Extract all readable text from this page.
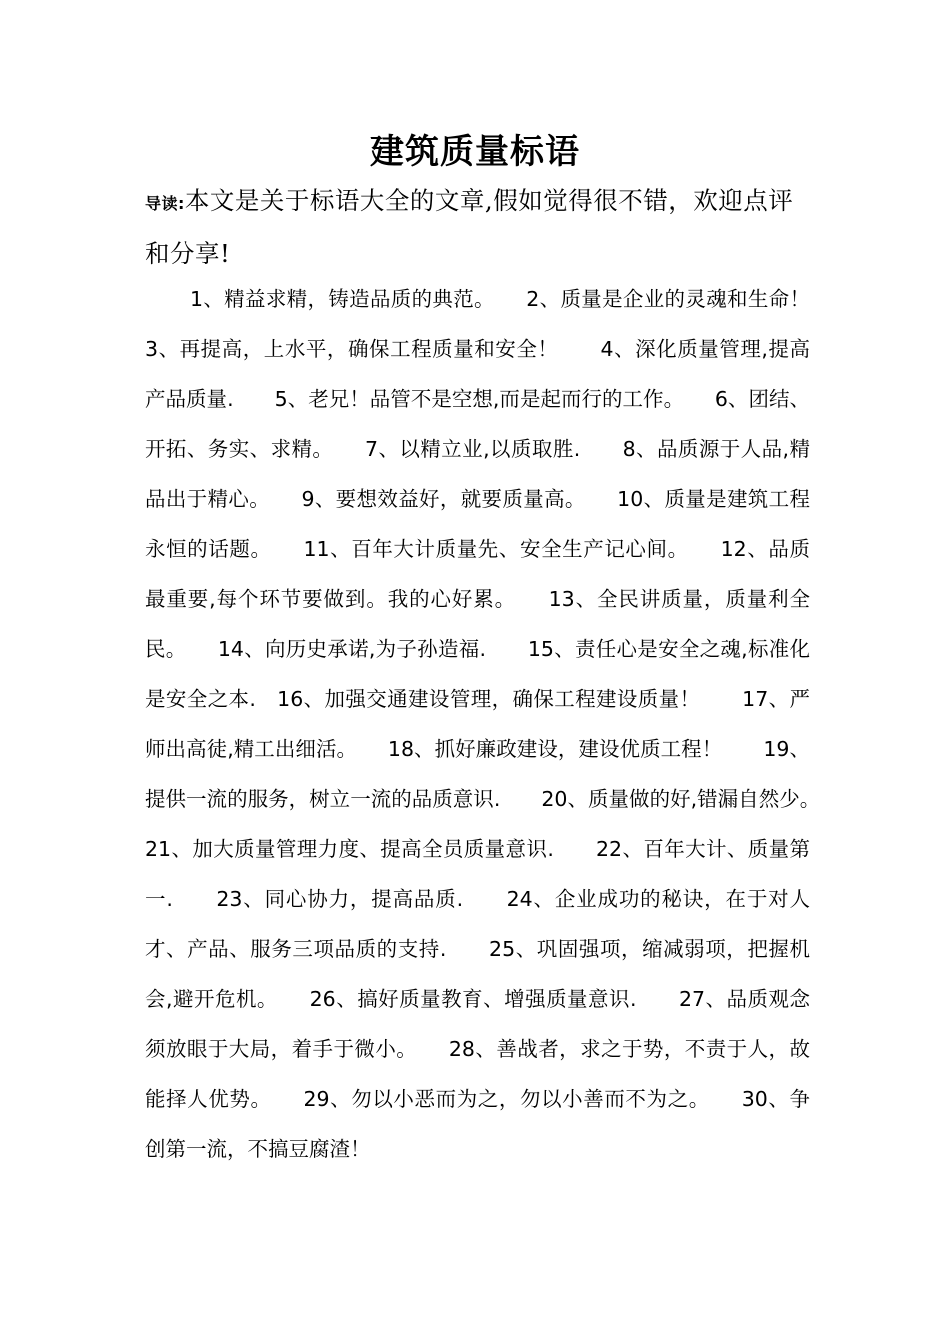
建筑质量标语
导读:本文是关于标语大全的文章,假如觉得很不错，欢迎点评和分享!
1、精益求精，铸造品质的典范。　　2、质量是企业的灵魂和生命！　　3、再提高，上水平，确保工程质量和安全！　　4、深化质量管理,提高产品质量.　　5、老兄！品管不是空想,而是起而行的工作。　　6、团结、开拓、务实、求精。　　7、以精立业,以质取胜.　　8、品质源于人品,精品出于精心。　　9、要想效益好，就要质量高。　　10、质量是建筑工程永恒的话题。　　11、百年大计质量先、安全生产记心间。　　12、品质最重要,每个环节要做到。我的心好累。　　13、全民讲质量，质量利全民。　　14、向历史承诺,为子孙造福.　　15、责任心是安全之魂,标准化是安全之本.　16、加强交通建设管理，确保工程建设质量！　　17、严师出高徒,精工出细活。　　18、抓好廉政建设，建设优质工程！　　19、提供一流的服务，树立一流的品质意识.　　20、质量做的好,错漏自然少。　　21、加大质量管理力度、提高全员质量意识.　　22、百年大计、质量第一.　　23、同心协力，提高品质.　　24、企业成功的秘诀，在于对人才、产品、服务三项品质的支持.　　25、巩固强项，缩减弱项，把握机会,避开危机。　　26、搞好质量教育、增强质量意识.　　27、品质观念须放眼于大局，着手于微小。　　28、善战者，求之于势，不责于人，故能择人优势。　　29、勿以小恶而为之，勿以小善而不为之。　　30、争创第一流，不搞豆腐渣！
